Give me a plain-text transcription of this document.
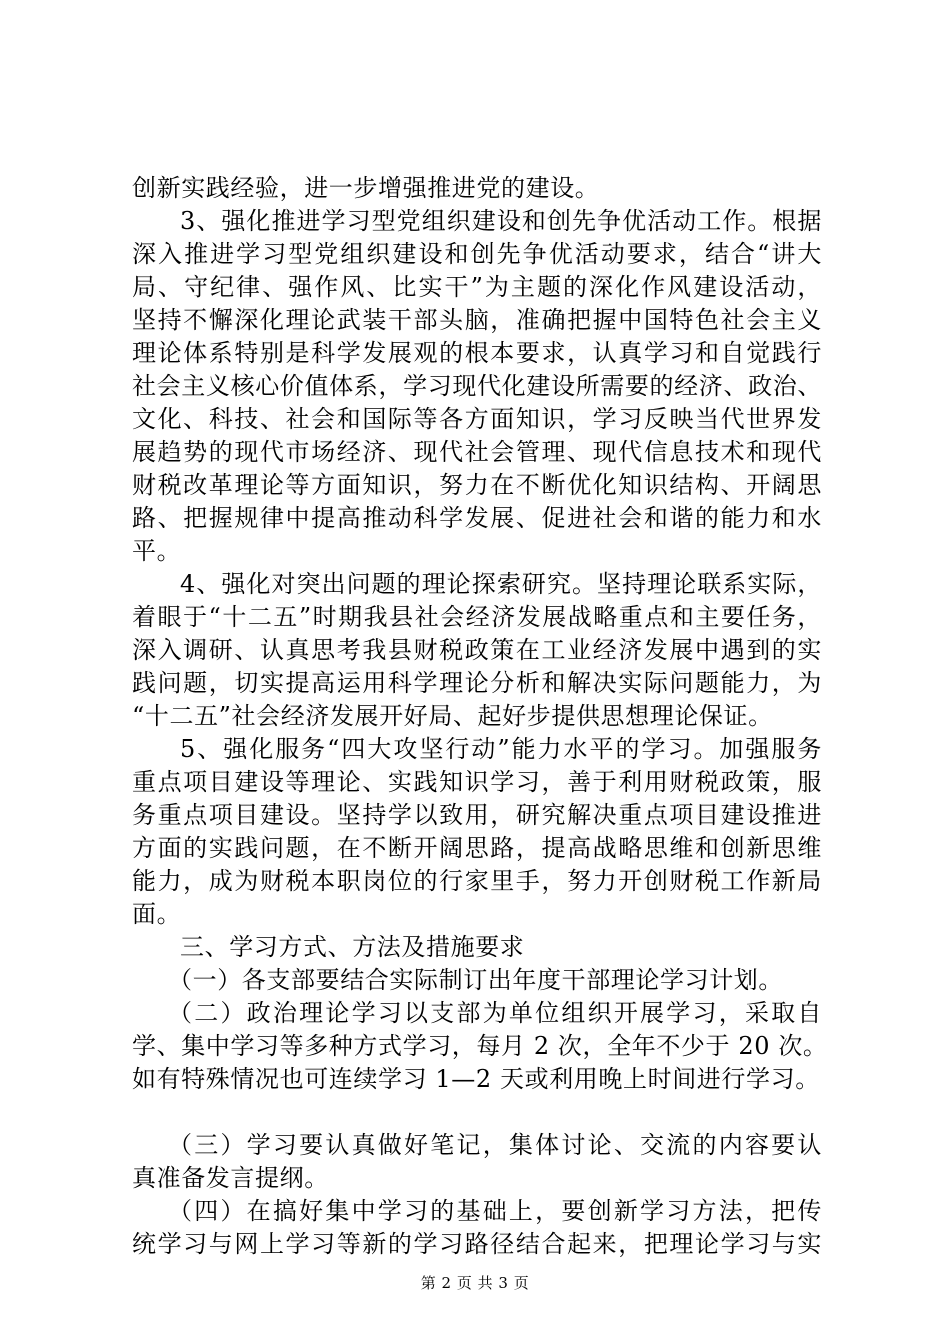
创新实践经验，进一步增强推进党的建设。
3、强化推进学习型党组织建设和创先争优活动工作。根据
深入推进学习型党组织建设和创先争优活动要求，结合“讲大
局、守纪律、强作风、比实干”为主题的深化作风建设活动，
坚持不懈深化理论武装干部头脑，准确把握中国特色社会主义
理论体系特别是科学发展观的根本要求，认真学习和自觉践行
社会主义核心价值体系，学习现代化建设所需要的经济、政治、
文化、科技、社会和国际等各方面知识，学习反映当代世界发
展趋势的现代市场经济、现代社会管理、现代信息技术和现代
财税改革理论等方面知识，努力在不断优化知识结构、开阔思
路、把握规律中提高推动科学发展、促进社会和谐的能力和水
平。
4、强化对突出问题的理论探索研究。坚持理论联系实际，
着眼于“十二五”时期我县社会经济发展战略重点和主要任务，
深入调研、认真思考我县财税政策在工业经济发展中遇到的实
践问题，切实提高运用科学理论分析和解决实际问题能力，为
“十二五”社会经济发展开好局、起好步提供思想理论保证。
5、强化服务“四大攻坚行动”能力水平的学习。加强服务
重点项目建设等理论、实践知识学习，善于利用财税政策，服
务重点项目建设。坚持学以致用，研究解决重点项目建设推进
方面的实践问题，在不断开阔思路，提高战略思维和创新思维
能力，成为财税本职岗位的行家里手，努力开创财税工作新局
面。
三、学习方式、方法及措施要求
（一）各支部要结合实际制订出年度干部理论学习计划。
（二）政治理论学习以支部为单位组织开展学习，采取自
学、集中学习等多种方式学习，每月 2 次，全年不少于 20 次。
如有特殊情况也可连续学习 1—2 天或利用晚上时间进行学习。
（三）学习要认真做好笔记，集体讨论、交流的内容要认
真准备发言提纲。
（四）在搞好集中学习的基础上，要创新学习方法，把传
统学习与网上学习等新的学习路径结合起来，把理论学习与实
第 2 页 共 3 页
